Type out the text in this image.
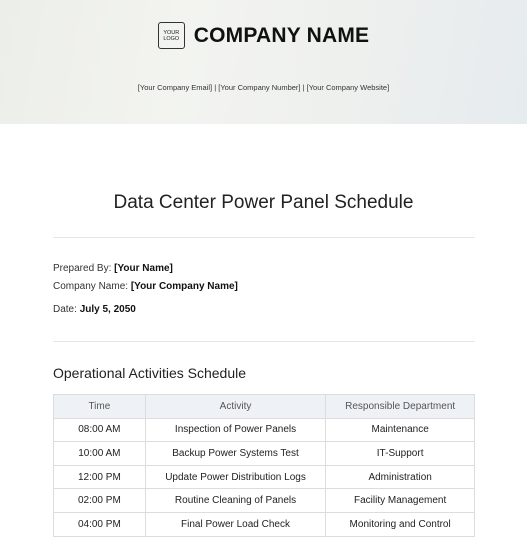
YOUR
LOGO COMPANY NAME
[Your Company Email] | [Your Company Number] | [Your Company Website]
Data Center Power Panel Schedule
Prepared By: [Your Name]
Company Name: [Your Company Name]
Date: July 5, 2050
Operational Activities Schedule
Time	Activity	Responsible Department
08:00 AM	Inspection of Power Panels	Maintenance
10:00 AM	Backup Power Systems Test	IT-Support
12:00 PM	Update Power Distribution Logs	Administration
02:00 PM	Routine Cleaning of Panels	Facility Management
04:00 PM	Final Power Load Check	Monitoring and Control
